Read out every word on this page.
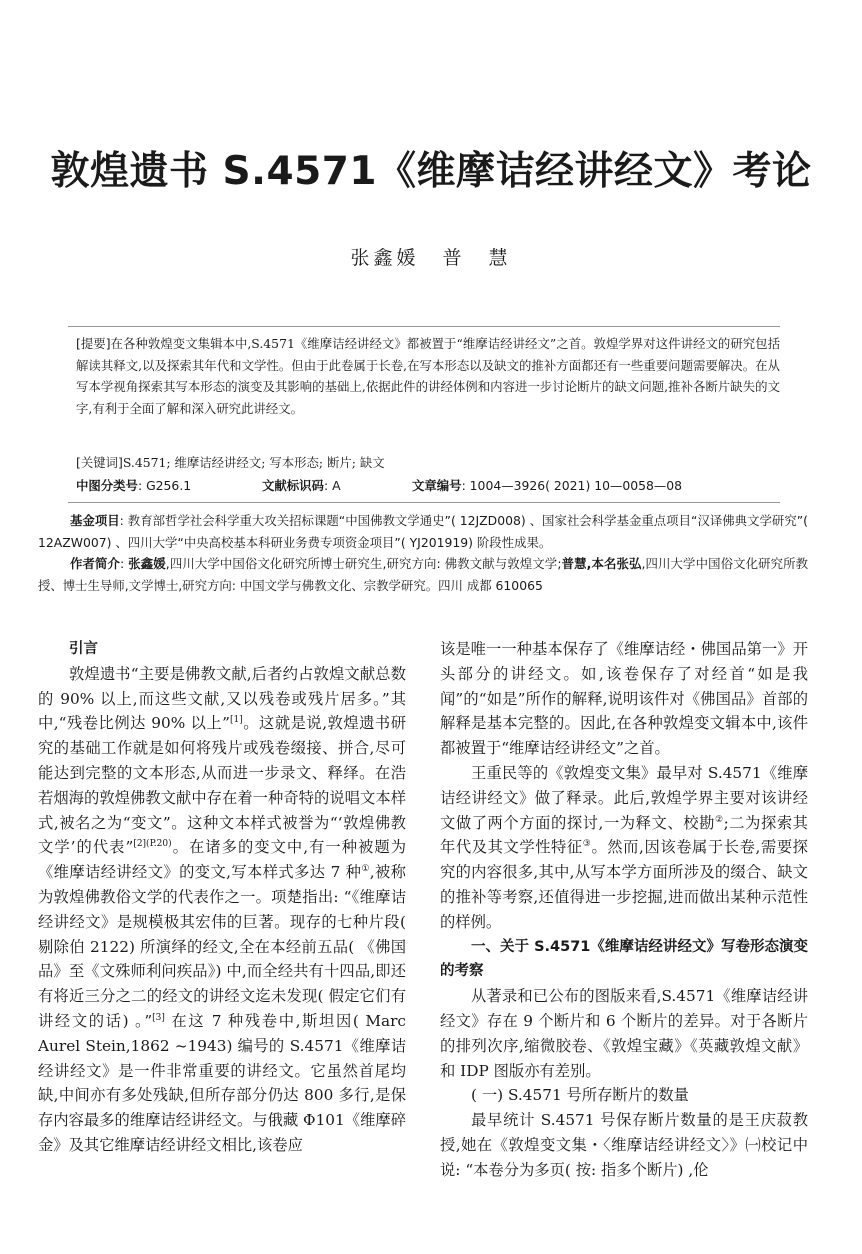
敦煌遗书 S.4571《维摩诘经讲经文》考论
张鑫媛　普　慧
[提要]在各种敦煌变文集辑本中,S.4571《维摩诘经讲经文》都被置于“维摩诘经讲经文”之首。敦煌学界对这件讲经文的研究包括解读其释文,以及探索其年代和文学性。但由于此卷属于长卷,在写本形态以及缺文的推补方面都还有一些重要问题需要解决。在从写本学视角探索其写本形态的演变及其影响的基础上,依据此件的讲经体例和内容进一步讨论断片的缺文问题,推补各断片缺失的文字,有利于全面了解和深入研究此讲经文。
[关键词]S.4571; 维摩诘经讲经文; 写本形态; 断片; 缺文
中图分类号: G256.1	文献标识码: A	文章编号: 1004—3926( 2021) 10—0058—08

基金项目: 教育部哲学社会科学重大攻关招标课题“中国佛教文学通史”( 12JZD008) 、国家社会科学基金重点项目“汉译佛典文学研究”( 12AZW007) 、四川大学“中央高校基本科研业务费专项资金项目”( YJ201919) 阶段性成果。

作者简介: 张鑫媛,四川大学中国俗文化研究所博士研究生,研究方向: 佛教文献与敦煌文学;普慧,本名张弘,四川大学中国俗文化研究所教授、博士生导师,文学博士,研究方向: 中国文学与佛教文化、宗教学研究。四川 成都 610065

引言

敦煌遗书“主要是佛教文献,后者约占敦煌文献总数的 90% 以上,而这些文献,又以残卷或残片居多。”其中,“残卷比例达 90% 以上”[1]。这就是说,敦煌遗书研究的基础工作就是如何将残片或残卷缀接、拼合,尽可能达到完整的文本形态,从而进一步录文、释绎。在浩若烟海的敦煌佛教文献中存在着一种奇特的说唱文本样式,被名之为“变文”。这种文本样式被誉为“‘敦煌佛教文学’的代表”$^{[2](P.20)}$。在诸多的变文中,有一种被题为《维摩诘经讲经文》的变文,写本样式多达 7 种①,被称为敦煌佛教俗文学的代表作之一。项楚指出: “《维摩诘经讲经文》是规模极其宏伟的巨著。现存的七种片段( 剔除伯 2122) 所演绎的经文,全在本经前五品( 《佛国品》至《文殊师利问疾品》) 中,而全经共有十四品,即还有将近三分之二的经文的讲经文迄未发现( 假定它们有讲经文的话) 。”[3] 在这 7 种残卷中,斯坦因( Marc Aurel Stein,1862 ~1943) 编号的 S.4571《维摩诘经讲经文》是一件非常重要的讲经文。它虽然首尾均缺,中间亦有多处残缺,但所存部分仍达 800 多行,是保存内容最多的维摩诘经讲经文。与俄藏 Φ101《维摩碎金》及其它维摩诘经讲经文相比,该卷应

该是唯一一种基本保存了《维摩诘经・佛国品第一》开头部分的讲经文。如,该卷保存了对经首“如是我闻”的“如是”所作的解释,说明该件对《佛国品》首部的解释是基本完整的。因此,在各种敦煌变文辑本中,该件都被置于“维摩诘经讲经文”之首。

王重民等的《敦煌变文集》最早对 S.4571《维摩诘经讲经文》做了释录。此后,敦煌学界主要对该讲经文做了两个方面的探讨,一为释文、校勘②;二为探索其年代及其文学性特征③。然而,因该卷属于长卷,需要探究的内容很多,其中,从写本学方面所涉及的缀合、缺文的推补等考察,还值得进一步挖掘,进而做出某种示范性的样例。

一、关于 S.4571《维摩诘经讲经文》写卷形态演变的考察

从著录和已公布的图版来看,S.4571《维摩诘经讲经文》存在 9 个断片和 6 个断片的差异。对于各断片的排列次序,缩微胶卷、《敦煌宝藏》《英藏敦煌文献》和 IDP 图版亦有差别。

( 一) S.4571 号所存断片的数量

最早统计 S.4571 号保存断片数量的是王庆菽教授,她在《敦煌变文集・〈维摩诘经讲经文〉》㈠校记中说: “本卷分为多页( 按: 指多个断片) ,伦
